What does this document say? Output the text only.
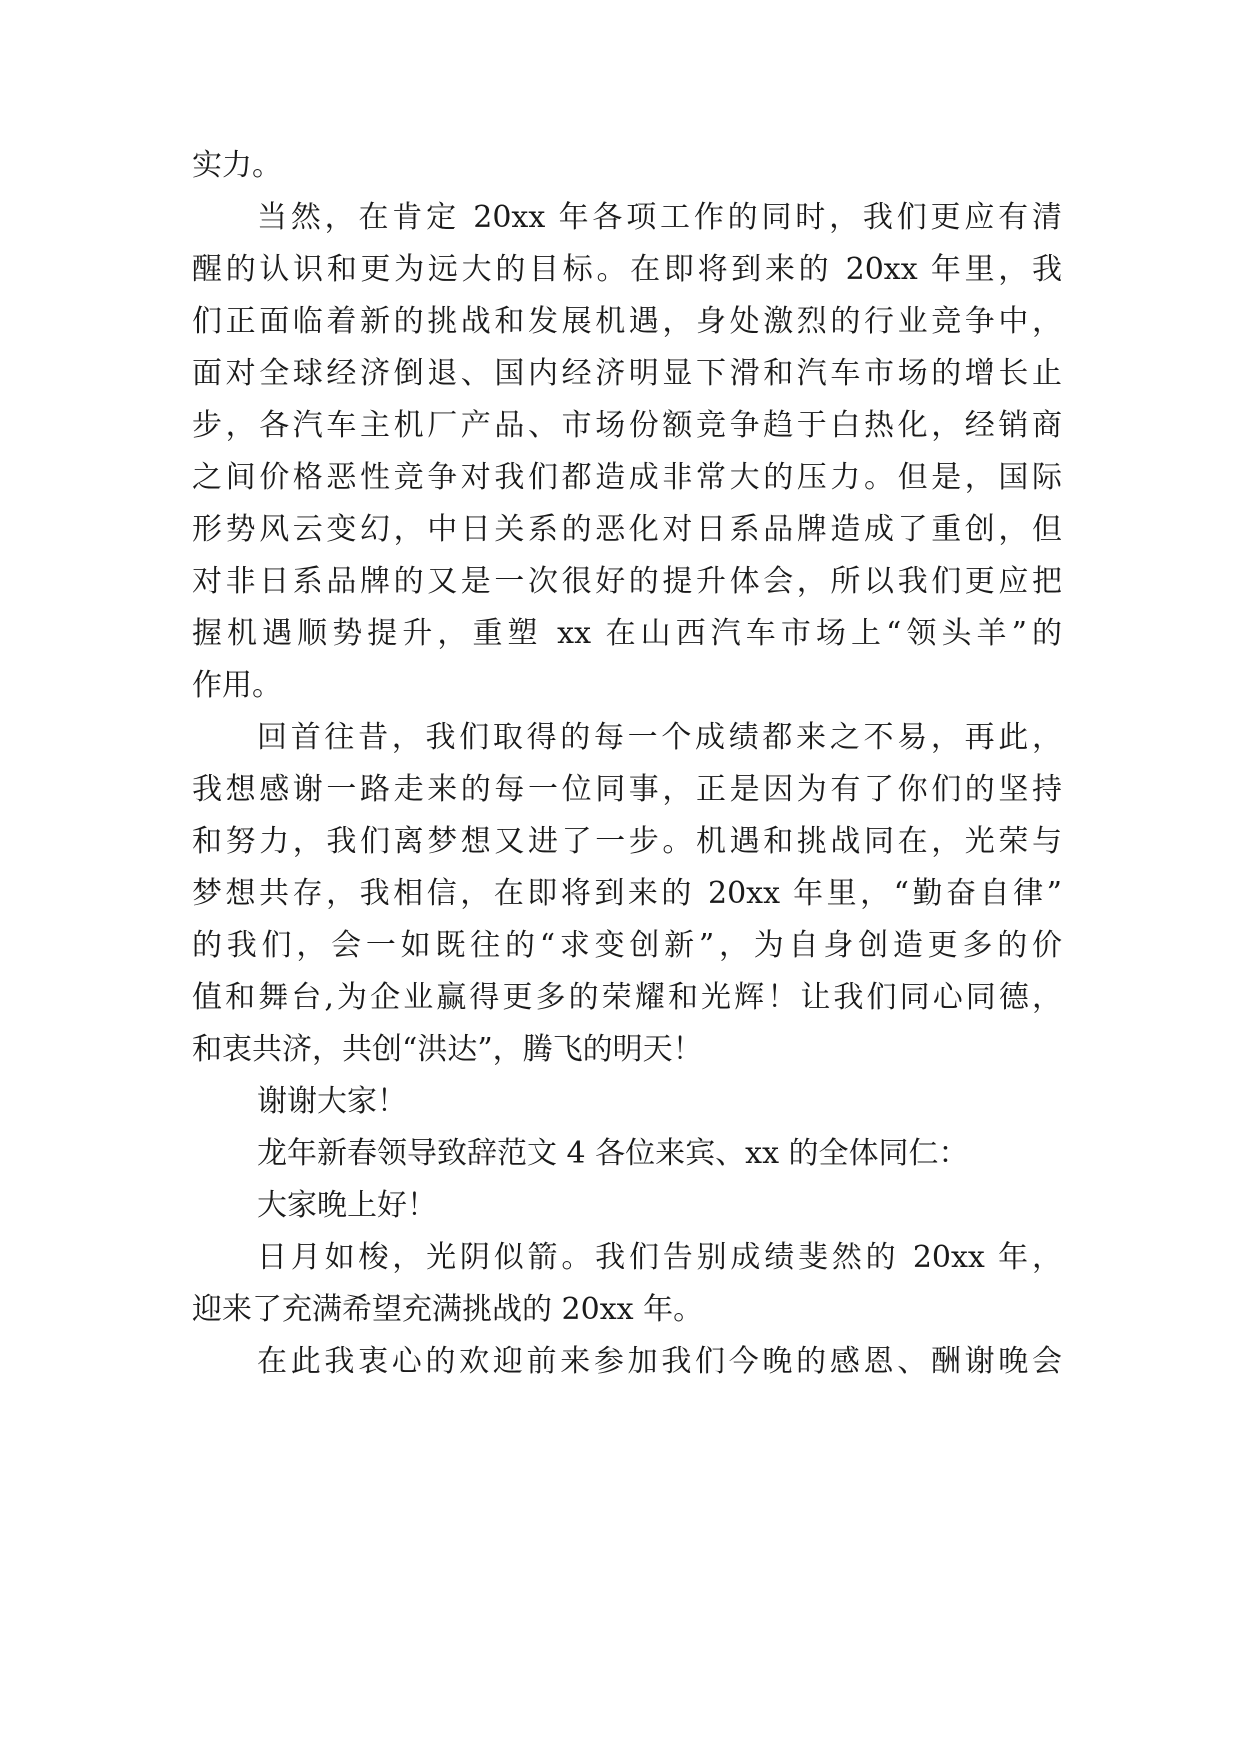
实力。
当然，在肯定 20xx 年各项工作的同时，我们更应有清
醒的认识和更为远大的目标。在即将到来的 20xx 年里，我
们正面临着新的挑战和发展机遇，身处激烈的行业竞争中，
面对全球经济倒退、国内经济明显下滑和汽车市场的增长止
步，各汽车主机厂产品、市场份额竞争趋于白热化，经销商
之间价格恶性竞争对我们都造成非常大的压力。但是，国际
形势风云变幻，中日关系的恶化对日系品牌造成了重创，但
对非日系品牌的又是一次很好的提升体会，所以我们更应把
握机遇顺势提升，重塑 xx 在山西汽车市场上“领头羊”的
作用。
回首往昔，我们取得的每一个成绩都来之不易，再此，
我想感谢一路走来的每一位同事，正是因为有了你们的坚持
和努力，我们离梦想又进了一步。机遇和挑战同在，光荣与
梦想共存，我相信，在即将到来的 20xx 年里，“勤奋自律”
的我们，会一如既往的“求变创新”，为自身创造更多的价
值和舞台,为企业赢得更多的荣耀和光辉！让我们同心同德，
和衷共济，共创“洪达”，腾飞的明天！
谢谢大家！
龙年新春领导致辞范文 4 各位来宾、xx 的全体同仁：
大家晚上好！
日月如梭，光阴似箭。我们告别成绩斐然的 20xx 年，
迎来了充满希望充满挑战的 20xx 年。
在此我衷心的欢迎前来参加我们今晚的感恩、酬谢晚会
